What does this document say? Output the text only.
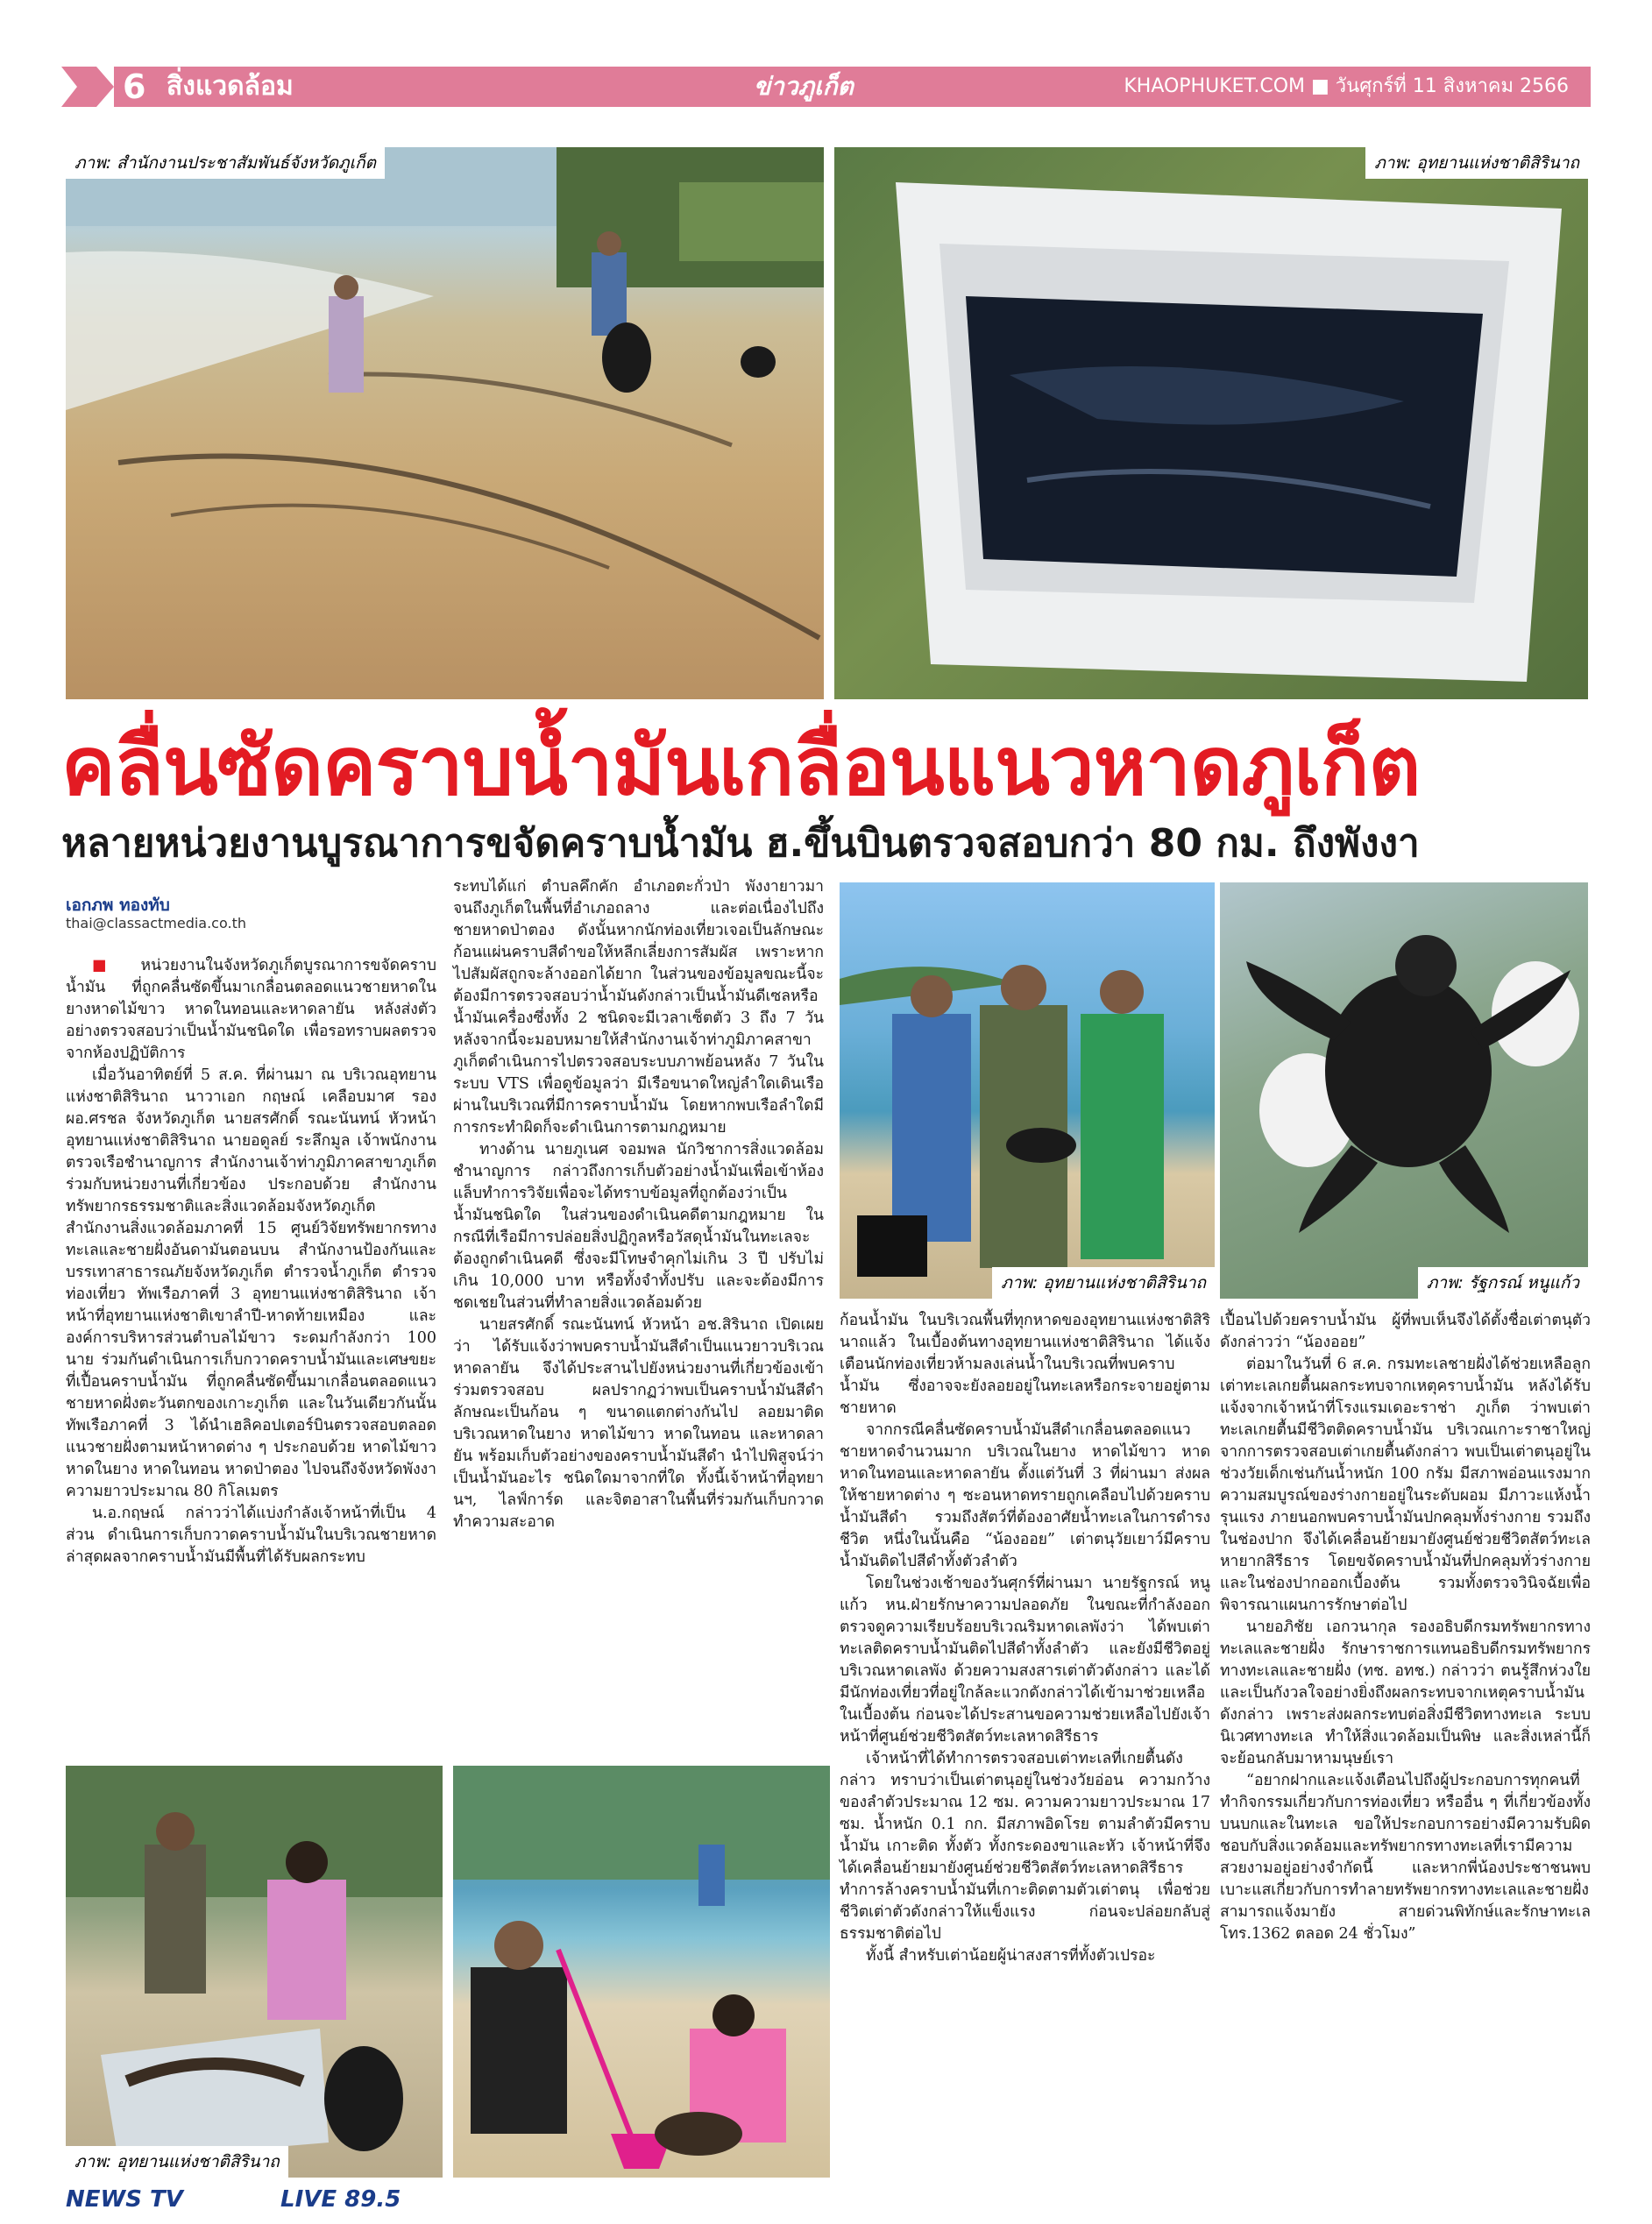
6 สิ่งแวดล้อม	ข่าวภูเก็ต	KHAOPHUKET.COM ■ วันศุกร์ที่ 11 สิงหาคม 2566
ภาพ: สำนักงานประชาสัมพันธ์จังหวัดภูเก็ต	ภาพ: อุทยานแห่งชาติสิรินาถ
คลื่นซัดคราบน้ำมันเกลื่อนแนวหาดภูเก็ต
หลายหน่วยงานบูรณาการขจัดคราบน้ำมัน ฮ.ขึ้นบินตรวจสอบกว่า 80 กม. ถึงพังงา
เอกภพ ทองทับ
thai@classactmedia.co.th

■ หน่วยงานในจังหวัดภูเก็ตบูรณาการขจัดคราบน้ำมัน ที่ถูกคลื่นซัดขึ้นมาเกลื่อนตลอดแนวชายหาดในยางหาดไม้ขาว หาดในทอนและหาดลายัน หลังส่งตัวอย่างตรวจสอบว่าเป็นน้ำมันชนิดใด เพื่อรอทราบผลตรวจจากห้องปฏิบัติการ

เมื่อวันอาทิตย์ที่ 5 ส.ค. ที่ผ่านมา ณ บริเวณอุทยานแห่งชาติสิรินาถ นาวาเอก กฤษณ์ เคลือบมาศ รอง ผอ.ศรชล จังหวัดภูเก็ต นายสรศักดิ์ รณะนันทน์ หัวหน้าอุทยานแห่งชาติสิรินาถ นายอดูลย์ ระลึกมูล เจ้าพนักงานตรวจเรือชำนาญการ สำนักงานเจ้าท่าภูมิภาคสาขาภูเก็ต ร่วมกับหน่วยงานที่เกี่ยวข้อง ประกอบด้วย สำนักงานทรัพยากรธรรมชาติและสิ่งแวดล้อมจังหวัดภูเก็ต สำนักงานสิ่งแวดล้อมภาคที่ 15 ศูนย์วิจัยทรัพยากรทางทะเลและชายฝั่งอันดามันตอนบน สำนักงานป้องกันและบรรเทาสาธารณภัยจังหวัดภูเก็ต ตำรวจน้ำภูเก็ต ตำรวจท่องเที่ยว ทัพเรือภาคที่ 3 อุทยานแห่งชาติสิรินาถ เจ้าหน้าที่อุทยานแห่งชาติเขาลำปี-หาดท้ายเหมือง และองค์การบริหารส่วนตำบลไม้ขาว ระดมกำลังกว่า 100 นาย ร่วมกันดำเนินการเก็บกวาดคราบน้ำมันและเศษขยะที่เปื้อนคราบน้ำมัน ที่ถูกคลื่นซัดขึ้นมาเกลื่อนตลอดแนวชายหาดฝั่งตะวันตกของเกาะภูเก็ต และในวันเดียวกันนั้นทัพเรือภาคที่ 3 ได้นำเฮลิคอปเตอร์บินตรวจสอบตลอดแนวชายฝั่งตามหน้าหาดต่าง ๆ ประกอบด้วย หาดไม้ขาว หาดในยาง หาดในทอน หาดป่าตอง ไปจนถึงจังหวัดพังงาความยาวประมาณ 80 กิโลเมตร

น.อ.กฤษณ์ กล่าวว่าได้แบ่งกำลังเจ้าหน้าที่เป็น 4 ส่วน ดำเนินการเก็บกวาดคราบน้ำมันในบริเวณชายหาด ล่าสุดผลจากคราบน้ำมันมีพื้นที่ได้รับผลกระทบ

ระทบได้แก่ ตำบลคึกคัก อำเภอตะกั่วป่า พังงายาวมาจนถึงภูเก็ตในพื้นที่อำเภอถลาง และต่อเนื่องไปถึงชายหาดป่าตอง ดังนั้นหากนักท่องเที่ยวเจอเป็นลักษณะก้อนแผ่นคราบสีดำขอให้หลีกเลี่ยงการสัมผัส เพราะหากไปสัมผัสถูกจะล้างออกได้ยาก ในส่วนของข้อมูลขณะนี้จะต้องมีการตรวจสอบว่าน้ำมันดังกล่าวเป็นน้ำมันดีเซลหรือน้ำมันเครื่องซึ่งทั้ง 2 ชนิดจะมีเวลาเซ็ตตัว 3 ถึง 7 วัน หลังจากนี้จะมอบหมายให้สำนักงานเจ้าท่าภูมิภาคสาขาภูเก็ตดำเนินการไปตรวจสอบระบบภาพย้อนหลัง 7 วันในระบบ VTS เพื่อดูข้อมูลว่า มีเรือขนาดใหญ่ลำใดเดินเรือผ่านในบริเวณที่มีการคราบน้ำมัน โดยหากพบเรือลำใดมีการกระทำผิดก็จะดำเนินการตามกฎหมาย

ทางด้าน นายภูเนศ จอมพล นักวิชาการสิ่งแวดล้อมชำนาญการ กล่าวถึงการเก็บตัวอย่างน้ำมันเพื่อเข้าห้องแล็บทำการวิจัยเพื่อจะได้ทราบข้อมูลที่ถูกต้องว่าเป็นน้ำมันชนิดใด ในส่วนของดำเนินคดีตามกฎหมาย ในกรณีที่เรือมีการปล่อยสิ่งปฏิกูลหรือวัสดุน้ำมันในทะเลจะต้องถูกดำเนินคดี ซึ่งจะมีโทษจำคุกไม่เกิน 3 ปี ปรับไม่เกิน 10,000 บาท หรือทั้งจำทั้งปรับ และจะต้องมีการชดเชยในส่วนที่ทำลายสิ่งแวดล้อมด้วย

นายสรศักดิ์ รณะนันทน์ หัวหน้า อช.สิรินาถ เปิดเผยว่า ได้รับแจ้งว่าพบคราบน้ำมันสีดำเป็นแนวยาวบริเวณหาดลายัน จึงได้ประสานไปยังหน่วยงานที่เกี่ยวข้องเข้าร่วมตรวจสอบ ผลปรากฏว่าพบเป็นคราบน้ำมันสีดำ ลักษณะเป็นก้อน ๆ ขนาดแตกต่างกันไป ลอยมาติดบริเวณหาดในยาง หาดไม้ขาว หาดในทอน และหาดลายัน พร้อมเก็บตัวอย่างของคราบน้ำมันสีดำ นำไปพิสูจน์ว่าเป็นน้ำมันอะไร ชนิดใดมาจากที่ใด ทั้งนี้เจ้าหน้าที่อุทยานฯ, ไลฟ์การ์ด และจิตอาสาในพื้นที่ร่วมกันเก็บกวาดทำความสะอาด

ภาพ: อุทยานแห่งชาติสิรินาถ	ภาพ: รัฐกรณ์ หนูแก้ว

ก้อนน้ำมัน ในบริเวณพื้นที่ทุกหาดของอุทยานแห่งชาติสิรินาถแล้ว ในเบื้องต้นทางอุทยานแห่งชาติสิรินาถ ได้แจ้งเตือนนักท่องเที่ยวห้ามลงเล่นน้ำในบริเวณที่พบคราบน้ำมัน ซึ่งอาจจะยังลอยอยู่ในทะเลหรือกระจายอยู่ตามชายหาด

จากกรณีคลื่นซัดคราบน้ำมันสีดำเกลื่อนตลอดแนวชายหาดจำนวนมาก บริเวณในยาง หาดไม้ขาว หาด หาดในทอนและหาดลายัน ตั้งแต่วันที่ 3 ที่ผ่านมา ส่งผลให้ชายหาดต่าง ๆ ซะอนหาดทรายถูกเคลือบไปด้วยคราบน้ำมันสีดำ รวมถึงสัตว์ที่ต้องอาศัยน้ำทะเลในการดำรงชีวิต หนึ่งในนั้นคือ “น้องออย” เต่าตนุวัยเยาว์มีคราบน้ำมันติดไปสีดำทั้งตัวลำตัว

โดยในช่วงเช้าของวันศุกร์ที่ผ่านมา นายรัฐกรณ์ หนูแก้ว หน.ฝ่ายรักษาความปลอดภัย ในขณะที่กำลังออกตรวจดูความเรียบร้อยบริเวณริมหาดเลพังว่า ได้พบเต่าทะเลติดคราบน้ำมันติดไปสีดำทั้งลำตัว และยังมีชีวิตอยู่บริเวณหาดเลพัง ด้วยความสงสารเต่าตัวดังกล่าว และได้มีนักท่องเที่ยวที่อยู่ใกล้ละแวกดังกล่าวได้เข้ามาช่วยเหลือในเบื้องต้น ก่อนจะได้ประสานขอความช่วยเหลือไปยังเจ้าหน้าที่ศูนย์ช่วยชีวิตสัตว์ทะเลหาดสิรีธาร

เจ้าหน้าที่ได้ทำการตรวจสอบเต่าทะเลที่เกยตื้นดังกล่าว ทราบว่าเป็นเต่าตนุอยู่ในช่วงวัยอ่อน ความกว้างของลำตัวประมาณ 12 ซม. ความความยาวประมาณ 17 ซม. น้ำหนัก 0.1 กก. มีสภาพอิดโรย ตามลำตัวมีคราบน้ำมัน เกาะติด ทั้งตัว ทั้งกระดองขาและหัว เจ้าหน้าที่จึงได้เคลื่อนย้ายมายังศูนย์ช่วยชีวิตสัตว์ทะเลหาดสิรีธาร ทำการล้างคราบน้ำมันที่เกาะติดตามตัวเต่าตนุ เพื่อช่วยชีวิตเต่าตัวดังกล่าวให้แข็งแรง ก่อนจะปล่อยกลับสู่ธรรมชาติต่อไป

ทั้งนี้ สำหรับเต่าน้อยผู้น่าสงสารที่ทั้งตัวเปรอะ

เปื้อนไปด้วยคราบน้ำมัน ผู้ที่พบเห็นจึงได้ตั้งชื่อเต่าตนุตัวดังกล่าวว่า “น้องออย”

ต่อมาในวันที่ 6 ส.ค. กรมทะเลชายฝั่งได้ช่วยเหลือลูกเต่าทะเลเกยตื้นผลกระทบจากเหตุคราบน้ำมัน หลังได้รับแจ้งจากเจ้าหน้าที่โรงแรมเดอะราช่า ภูเก็ต ว่าพบเต่าทะเลเกยตื้นมีชีวิตติดคราบน้ำมัน บริเวณเกาะราชาใหญ่ จากการตรวจสอบเต่าเกยตื้นดังกล่าว พบเป็นเต่าตนุอยู่ในช่วงวัยเด็กเช่นกันน้ำหนัก 100 กรัม มีสภาพอ่อนแรงมาก ความสมบูรณ์ของร่างกายอยู่ในระดับผอม มีภาวะแห้งน้ำรุนแรง ภายนอกพบคราบน้ำมันปกคลุมทั้งร่างกาย รวมถึงในช่องปาก จึงได้เคลื่อนย้ายมายังศูนย์ช่วยชีวิตสัตว์ทะเลหายากสิรีธาร โดยขจัดคราบน้ำมันที่ปกคลุมทั่วร่างกายและในช่องปากออกเบื้องต้น รวมทั้งตรวจวินิจฉัยเพื่อพิจารณาแผนการรักษาต่อไป

นายอภิชัย เอกวนากุล รองอธิบดีกรมทรัพยากรทางทะเลและชายฝั่ง รักษาราชการแทนอธิบดีกรมทรัพยากรทางทะเลและชายฝั่ง (ทช. อทช.) กล่าวว่า ตนรู้สึกห่วงใยและเป็นกังวลใจอย่างยิ่งถึงผลกระทบจากเหตุคราบน้ำมันดังกล่าว เพราะส่งผลกระทบต่อสิ่งมีชีวิตทางทะเล ระบบนิเวศทางทะเล ทำให้สิ่งแวดล้อมเป็นพิษ และสิ่งเหล่านี้ก็จะย้อนกลับมาหามนุษย์เรา

“อยากฝากและแจ้งเตือนไปถึงผู้ประกอบการทุกคนที่ทำกิจกรรมเกี่ยวกับการท่องเที่ยว หรืออื่น ๆ ที่เกี่ยวข้องทั้งบนบกและในทะเล ขอให้ประกอบการอย่างมีความรับผิดชอบกับสิ่งแวดล้อมและทรัพยากรทางทะเลที่เรามีความสวยงามอยู่อย่างจำกัดนี้ และหากพี่น้องประชาชนพบเบาะแสเกี่ยวกับการทำลายทรัพยากรทางทะเลและชายฝั่ง สามารถแจ้งมายัง สายด่วนพิทักษ์และรักษาทะเล โทร.1362 ตลอด 24 ชั่วโมง”

ภาพ: อุทยานแห่งชาติสิรินาถ
NEWS TV	LIVE 89.5
